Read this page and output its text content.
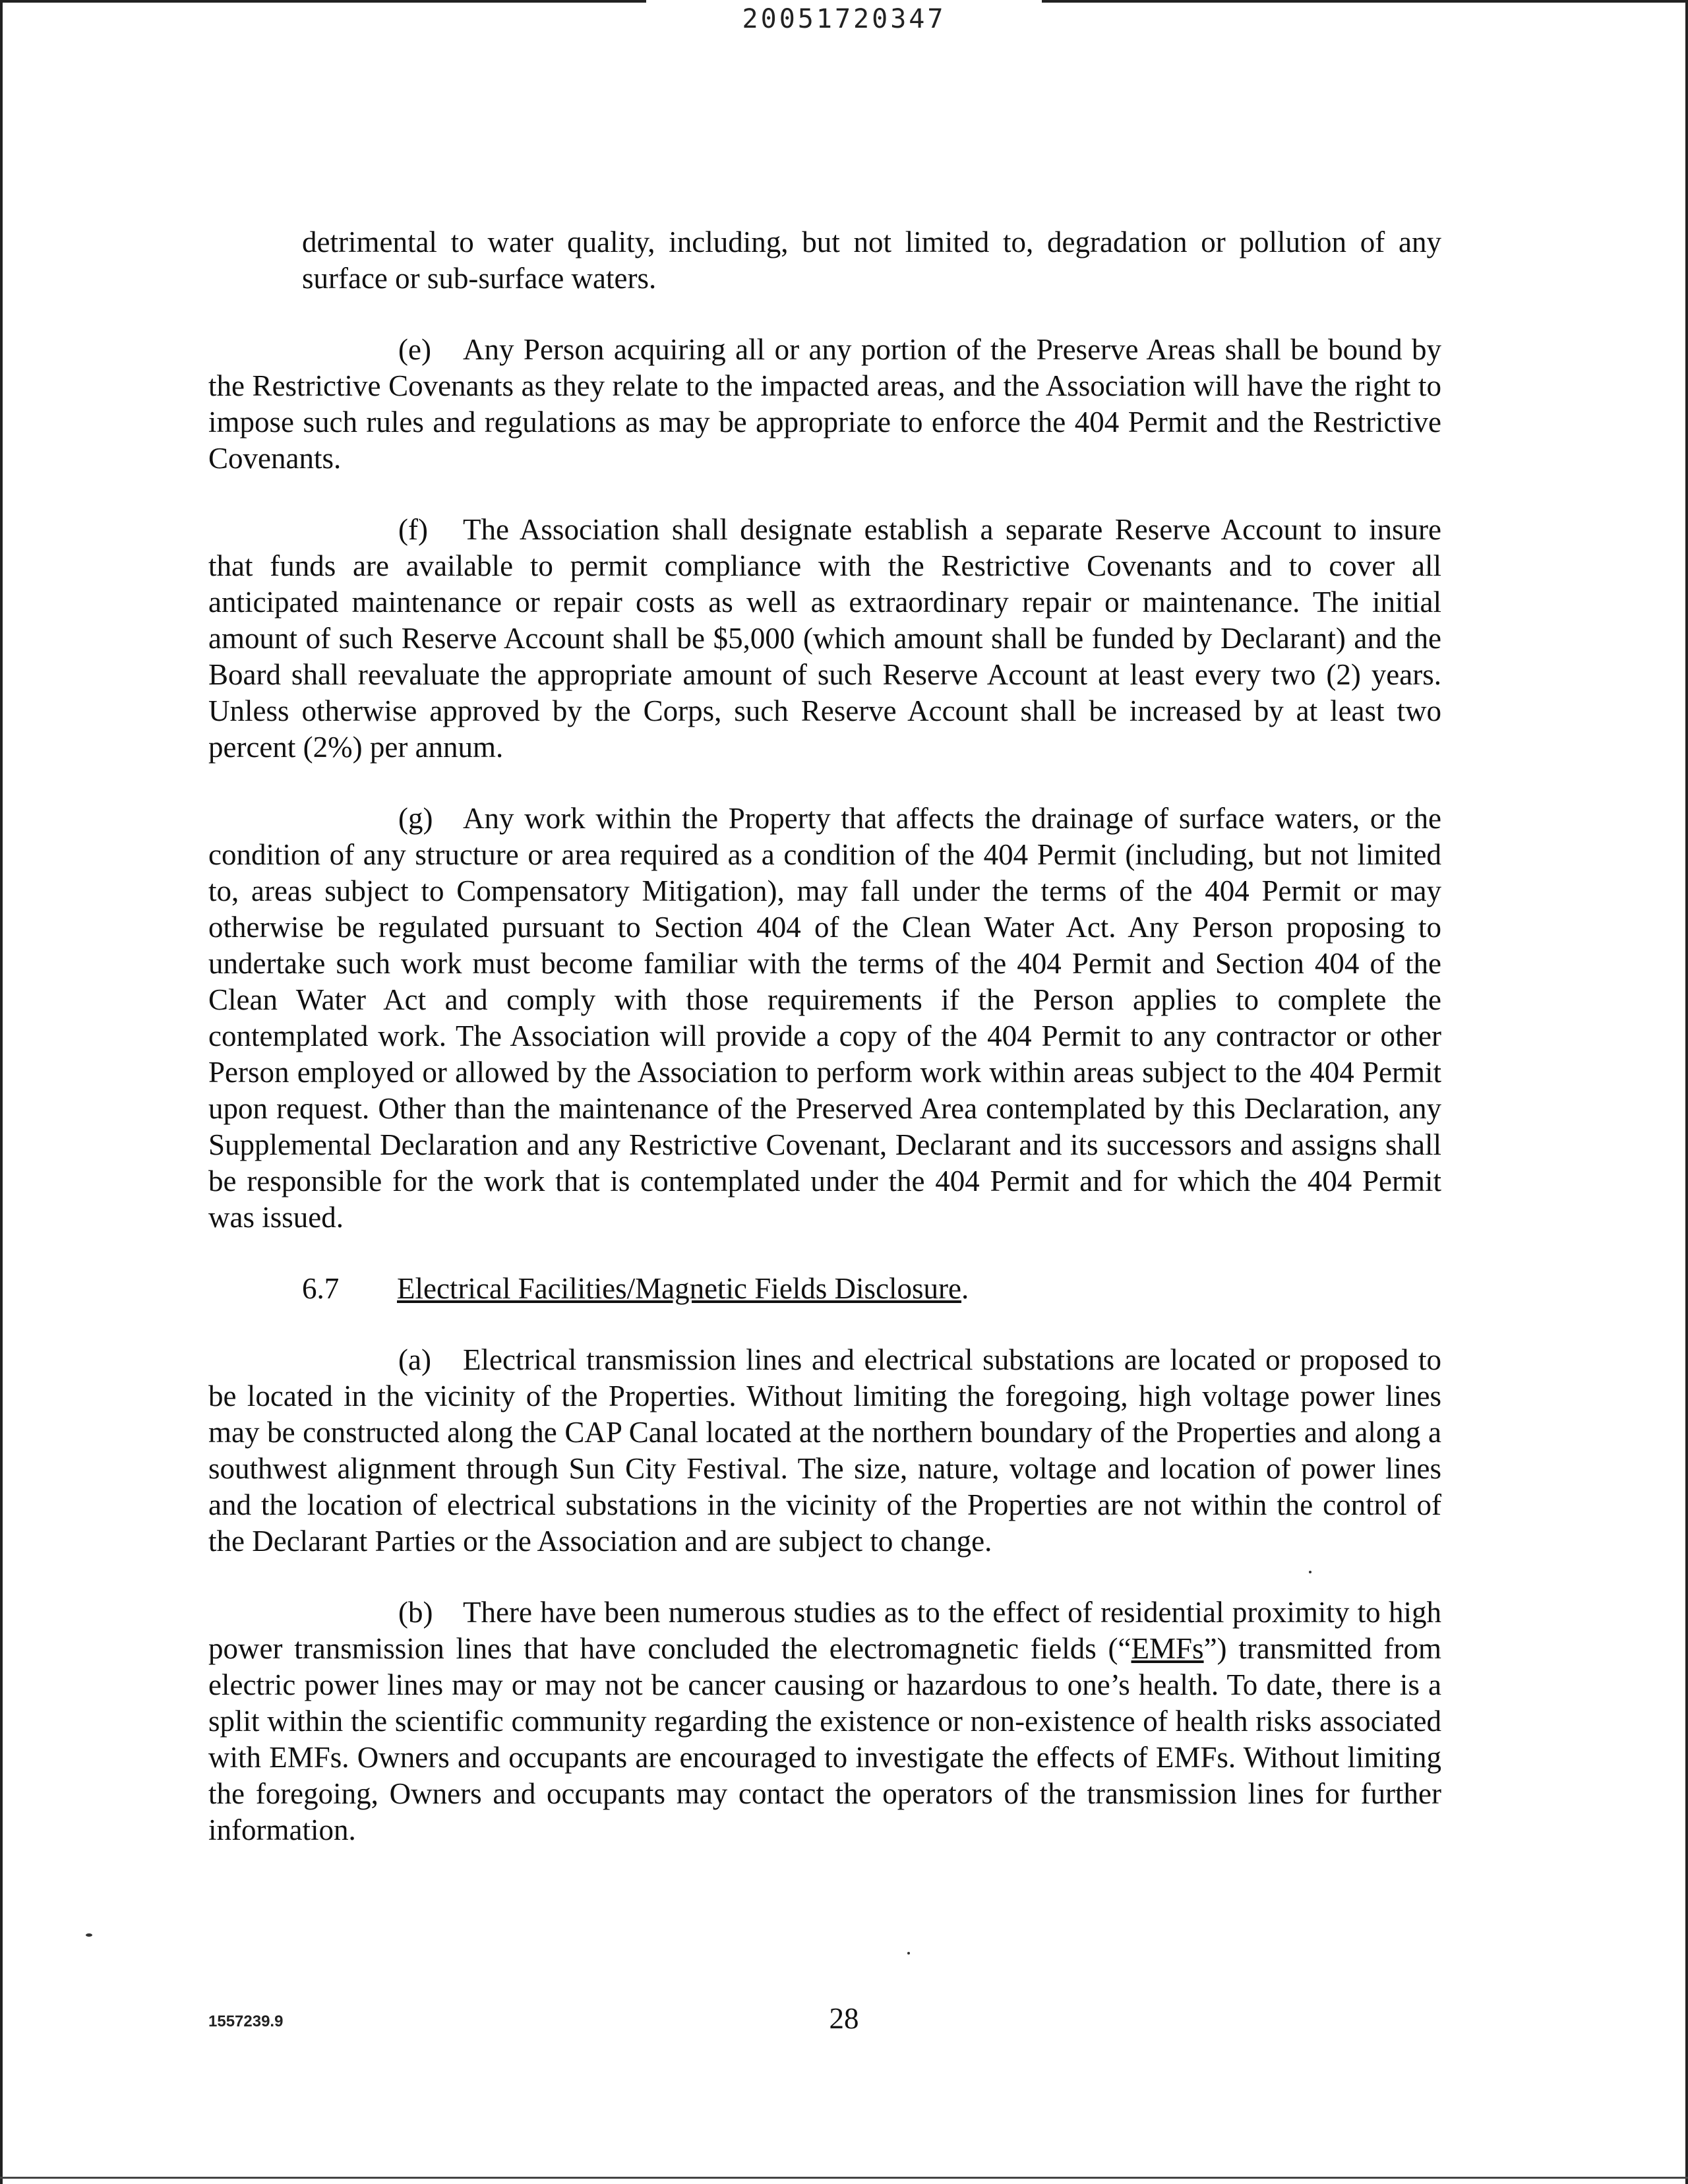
20051720347

detrimental to water quality, including, but not limited to, degradation or pollution of any surface or sub-surface waters.

(e) Any Person acquiring all or any portion of the Preserve Areas shall be bound by the Restrictive Covenants as they relate to the impacted areas, and the Association will have the right to impose such rules and regulations as may be appropriate to enforce the 404 Permit and the Restrictive Covenants.

(f) The Association shall designate establish a separate Reserve Account to insure that funds are available to permit compliance with the Restrictive Covenants and to cover all anticipated maintenance or repair costs as well as extraordinary repair or maintenance. The initial amount of such Reserve Account shall be $5,000 (which amount shall be funded by Declarant) and the Board shall reevaluate the appropriate amount of such Reserve Account at least every two (2) years. Unless otherwise approved by the Corps, such Reserve Account shall be increased by at least two percent (2%) per annum.

(g) Any work within the Property that affects the drainage of surface waters, or the condition of any structure or area required as a condition of the 404 Permit (including, but not limited to, areas subject to Compensatory Mitigation), may fall under the terms of the 404 Permit or may otherwise be regulated pursuant to Section 404 of the Clean Water Act. Any Person proposing to undertake such work must become familiar with the terms of the 404 Permit and Section 404 of the Clean Water Act and comply with those requirements if the Person applies to complete the contemplated work. The Association will provide a copy of the 404 Permit to any contractor or other Person employed or allowed by the Association to perform work within areas subject to the 404 Permit upon request. Other than the maintenance of the Preserved Area contemplated by this Declaration, any Supplemental Declaration and any Restrictive Covenant, Declarant and its successors and assigns shall be responsible for the work that is contemplated under the 404 Permit and for which the 404 Permit was issued.

6.7 Electrical Facilities/Magnetic Fields Disclosure.

(a) Electrical transmission lines and electrical substations are located or proposed to be located in the vicinity of the Properties. Without limiting the foregoing, high voltage power lines may be constructed along the CAP Canal located at the northern boundary of the Properties and along a southwest alignment through Sun City Festival. The size, nature, voltage and location of power lines and the location of electrical substations in the vicinity of the Properties are not within the control of the Declarant Parties or the Association and are subject to change.

(b) There have been numerous studies as to the effect of residential proximity to high power transmission lines that have concluded the electromagnetic fields (“EMFs”) transmitted from electric power lines may or may not be cancer causing or hazardous to one’s health. To date, there is a split within the scientific community regarding the existence or non-existence of health risks associated with EMFs. Owners and occupants are encouraged to investigate the effects of EMFs. Without limiting the foregoing, Owners and occupants may contact the operators of the transmission lines for further information.

1557239.9	28
